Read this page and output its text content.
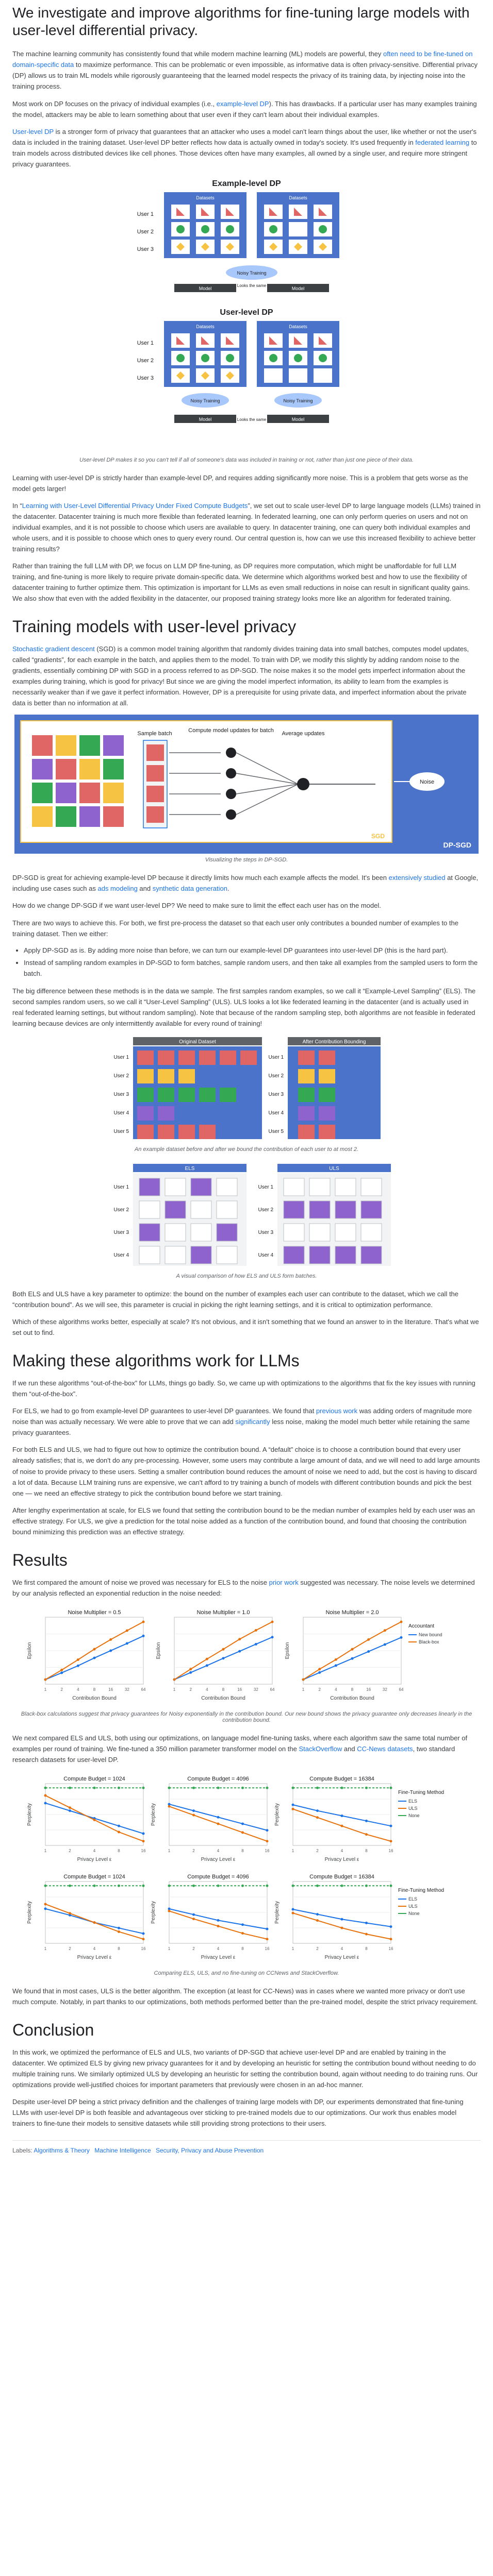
We investigate and improve algorithms for fine-tuning large models with user-level differential privacy.

The machine learning community has consistently found that while modern machine learning (ML) models are powerful, they often need to be fine-tuned on domain-specific data to maximize performance. This can be problematic or even impossible, as informative data is often privacy-sensitive. Differential privacy (DP) allows us to train ML models while rigorously guaranteeing that the learned model respects the privacy of its training data, by injecting noise into the training process.

Most work on DP focuses on the privacy of individual examples (i.e., example-level DP). This has drawbacks. If a particular user has many examples training the model, attackers may be able to learn something about that user even if they can't learn about their individual examples.

User-level DP is a stronger form of privacy that guarantees that an attacker who uses a model can't learn things about the user, like whether or not the user's data is included in the training dataset. User-level DP better reflects how data is actually owned in today's society. It's used frequently in federated learning to train models across distributed devices like cell phones. Those devices often have many examples, all owned by a single user, and require more stringent privacy guarantees.

Example-level DP
Datasets	Datasets
User 1
User 2
User 3
Noisy Training
Model	Model
Looks the same
User-level DP
Datasets	Datasets
User 1
User 2
User 3
Noisy Training	Noisy Training
Model	Model
Looks the same
User-level DP makes it so you can't tell if all of someone's data was included in training or not, rather than just one piece of their data.

Learning with user-level DP is strictly harder than example-level DP, and requires adding significantly more noise. This is a problem that gets worse as the model gets larger!

In “Learning with User-Level Differential Privacy Under Fixed Compute Budgets”, we set out to scale user-level DP to large language models (LLMs) trained in the datacenter. Datacenter training is much more flexible than federated learning. In federated learning, one can only perform queries on users and not on individual examples, and it is not possible to choose which users are available to query. In datacenter training, one can query both individual examples and whole users, and it is possible to choose which ones to query every round. Our central question is, how can we use this increased flexibility to achieve better training results?

Rather than training the full LLM with DP, we focus on LLM DP fine-tuning, as DP requires more computation, which might be unaffordable for full LLM training, and fine-tuning is more likely to require private domain-specific data. We determine which algorithms worked best and how to use the flexibility of datacenter training to further optimize them. This optimization is important for LLMs as even small reductions in noise can result in significant quality gains. We also show that even with the added flexibility in the datacenter, our proposed training strategy looks more like an algorithm for federated training.

Training models with user-level privacy

Stochastic gradient descent (SGD) is a common model training algorithm that randomly divides training data into small batches, computes model updates, called “gradients”, for each example in the batch, and applies them to the model. To train with DP, we modify this slightly by adding random noise to the gradients, essentially combining DP with SGD in a process referred to as DP-SGD. The noise makes it so the model gets imperfect information about the examples during training, which is good for privacy! But since we are giving the model imperfect information, its ability to learn from the examples is necessarily weaker than if we gave it perfect information. However, DP is a prerequisite for using private data, and imperfect information about the private data is better than no information at all.

Sample batch	Compute model updates for batch Average updates
SGD
Noise
DP-SGD
Visualizing the steps in DP-SGD.

DP-SGD is great for achieving example-level DP because it directly limits how much each example affects the model. It's been extensively studied at Google, including use cases such as ads modeling and synthetic data generation.

How do we change DP-SGD if we want user-level DP? We need to make sure to limit the effect each user has on the model.

There are two ways to achieve this. For both, we first pre-process the dataset so that each user only contributes a bounded number of examples to the training dataset. Then we either:

• Apply DP-SGD as is. By adding more noise than before, we can turn our example-level DP guarantees into user-level DP (this is the hard part).
• Instead of sampling random examples in DP-SGD to form batches, sample random users, and then take all examples from the sampled users to form the batch.

The big difference between these methods is in the data we sample. The first samples random examples, so we call it “Example-Level Sampling” (ELS). The second samples random users, so we call it “User-Level Sampling” (ULS). ULS looks a lot like federated learning in the datacenter (and is actually used in real federated learning settings, but without random sampling). Note that because of the random sampling step, both algorithms are not feasible in federated learning because devices are only intermittently available for every round of training!

Original Dataset	After Contribution Bounding
User 1
User 2
User 3
User 4
User 5
User 1
User 2
User 3
User 4
User 5
An example dataset before and after we bound the contribution of each user to at most 2.
ELS	ULS
User 1
User 2
User 3
User 4
User 1
User 2
User 3
User 4
A visual comparison of how ELS and ULS form batches.

Both ELS and ULS have a key parameter to optimize: the bound on the number of examples each user can contribute to the dataset, which we call the “contribution bound”. As we will see, this parameter is crucial in picking the right learning settings, and it is critical to optimization performance.

Which of these algorithms works better, especially at scale? It's not obvious, and it isn't something that we found an answer to in the literature. That's what we set out to find.

Making these algorithms work for LLMs

If we run these algorithms “out-of-the-box” for LLMs, things go badly. So, we came up with optimizations to the algorithms that fix the key issues with running them “out-of-the-box”.

For ELS, we had to go from example-level DP guarantees to user-level DP guarantees. We found that previous work was adding orders of magnitude more noise than was actually necessary. We were able to prove that we can add significantly less noise, making the model much better while retaining the same privacy guarantees.

For both ELS and ULS, we had to figure out how to optimize the contribution bound. A “default” choice is to choose a contribution bound that every user already satisfies; that is, we don't do any pre-processing. However, some users may contribute a large amount of data, and we will need to add large amounts of noise to provide privacy to these users. Setting a smaller contribution bound reduces the amount of noise we need to add, but the cost is having to discard a lot of data. Because LLM training runs are expensive, we can't afford to try training a bunch of models with different contribution bounds and pick the best one — we need an effective strategy to pick the contribution bound before we start training.

After lengthy experimentation at scale, for ELS we found that setting the contribution bound to be the median number of examples held by each user was an effective strategy. For ULS, we give a prediction for the total noise added as a function of the contribution bound, and found that choosing the contribution bound minimizing this prediction was an effective strategy.

Results

We first compared the amount of noise we proved was necessary for ELS to the noise prior work suggested was necessary. The noise levels we determined by our analysis reflected an exponential reduction in the noise needed:

Noise Multiplier = 0.5
Contribution Bound
Epsilon
1	2	4	8	16	32	64
Noise Multiplier = 1.0
Contribution Bound
Epsilon
1	2	4	8	16	32	64
Noise Multiplier = 2.0
Contribution Bound
Epsilon
1	2	4	8	16	32	64
Accountant
New bound
Black-box
Black-box calculations suggest that privacy guarantees for Noisy exponentially in the contribution bound. Our new bound shows the privacy guarantee only decreases linearly in the contribution bound.

We next compared ELS and ULS, both using our optimizations, on language model fine-tuning tasks, where each algorithm saw the same total number of examples per round of training. We fine-tuned a 350 million parameter transformer model on the StackOverflow and CC-News datasets, two standard research datasets for user-level DP.

Compute Budget = 1024
Privacy Level ε
Perplexity
1	2	4	8	16
Compute Budget = 4096
Privacy Level ε
Perplexity
1	2	4	8	16
Compute Budget = 16384
Privacy Level ε
Perplexity
1	2	4	8	16
Fine-Tuning Method
ELS
ULS
None
Compute Budget = 1024
Privacy Level ε
Perplexity
1	2	4	8	16
Compute Budget = 4096
Privacy Level ε
Perplexity
1	2	4	8	16
Compute Budget = 16384
Privacy Level ε
Perplexity
1	2	4	8	16
Fine-Tuning Method
ELS
ULS
None
Comparing ELS, ULS, and no fine-tuning on CCNews and StackOverflow.

We found that in most cases, ULS is the better algorithm. The exception (at least for CC-News) was in cases where we wanted more privacy or don't use much compute. Notably, in part thanks to our optimizations, both methods performed better than the pre-trained model, despite the strict privacy requirement.

Conclusion

In this work, we optimized the performance of ELS and ULS, two variants of DP-SGD that achieve user-level DP and are enabled by training in the datacenter. We optimized ELS by giving new privacy guarantees for it and by developing an heuristic for setting the contribution bound without needing to do multiple training runs. We similarly optimized ULS by developing an heuristic for setting the contribution bound, again without needing to do training runs. Our optimizations provide well-justified choices for important parameters that previously were chosen in an ad-hoc manner.

Despite user-level DP being a strict privacy definition and the challenges of training large models with DP, our experiments demonstrated that fine-tuning LLMs with user-level DP is both feasible and advantageous over sticking to pre-trained models due to our optimizations. Our work thus enables model trainers to fine-tune their models to sensitive datasets while still providing strong protections to their users.

Labels: Algorithms & Theory Machine Intelligence Security, Privacy and Abuse Prevention
